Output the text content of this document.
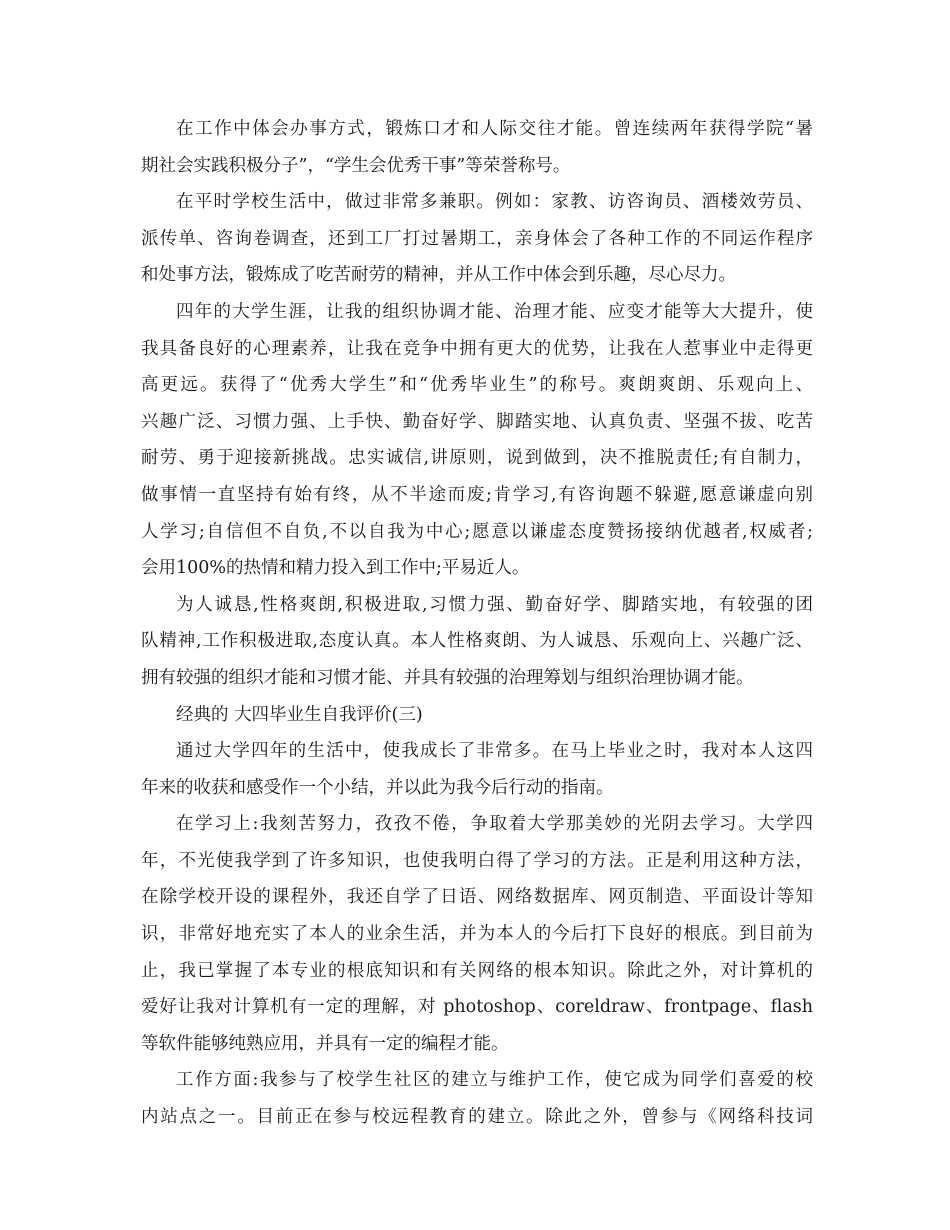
在工作中体会办事方式，锻炼口才和人际交往才能。曾连续两年获得学院“暑
期社会实践积极分子”，“学生会优秀干事”等荣誉称号。
在平时学校生活中，做过非常多兼职。例如：家教、访咨询员、酒楼效劳员、
派传单、咨询卷调查，还到工厂打过暑期工，亲身体会了各种工作的不同运作程序
和处事方法，锻炼成了吃苦耐劳的精神，并从工作中体会到乐趣，尽心尽力。
四年的大学生涯，让我的组织协调才能、治理才能、应变才能等大大提升，使
我具备良好的心理素养，让我在竞争中拥有更大的优势，让我在人惹事业中走得更
高更远。获得了“优秀大学生”和“优秀毕业生”的称号。爽朗爽朗、乐观向上、
兴趣广泛、习惯力强、上手快、勤奋好学、脚踏实地、认真负责、坚强不拔、吃苦
耐劳、勇于迎接新挑战。忠实诚信,讲原则，说到做到，决不推脱责任;有自制力，
做事情一直坚持有始有终，从不半途而废;肯学习,有咨询题不躲避,愿意谦虚向别
人学习;自信但不自负,不以自我为中心;愿意以谦虚态度赞扬接纳优越者,权威者;
会用100%的热情和精力投入到工作中;平易近人。
为人诚恳,性格爽朗,积极进取,习惯力强、勤奋好学、脚踏实地，有较强的团
队精神,工作积极进取,态度认真。本人性格爽朗、为人诚恳、乐观向上、兴趣广泛、
拥有较强的组织才能和习惯才能、并具有较强的治理筹划与组织治理协调才能。
经典的 大四毕业生自我评价(三)
通过大学四年的生活中，使我成长了非常多。在马上毕业之时，我对本人这四
年来的收获和感受作一个小结，并以此为我今后行动的指南。
在学习上:我刻苦努力，孜孜不倦，争取着大学那美妙的光阴去学习。大学四
年，不光使我学到了许多知识，也使我明白得了学习的方法。正是利用这种方法，
在除学校开设的课程外，我还自学了日语、网络数据库、网页制造、平面设计等知
识，非常好地充实了本人的业余生活，并为本人的今后打下良好的根底。到目前为
止，我已掌握了本专业的根底知识和有关网络的根本知识。除此之外，对计算机的
爱好让我对计算机有一定的理解，对 photoshop、coreldraw、frontpage、flash
等软件能够纯熟应用，并具有一定的编程才能。
工作方面:我参与了校学生社区的建立与维护工作，使它成为同学们喜爱的校
内站点之一。目前正在参与校远程教育的建立。除此之外，曾参与《网络科技词
